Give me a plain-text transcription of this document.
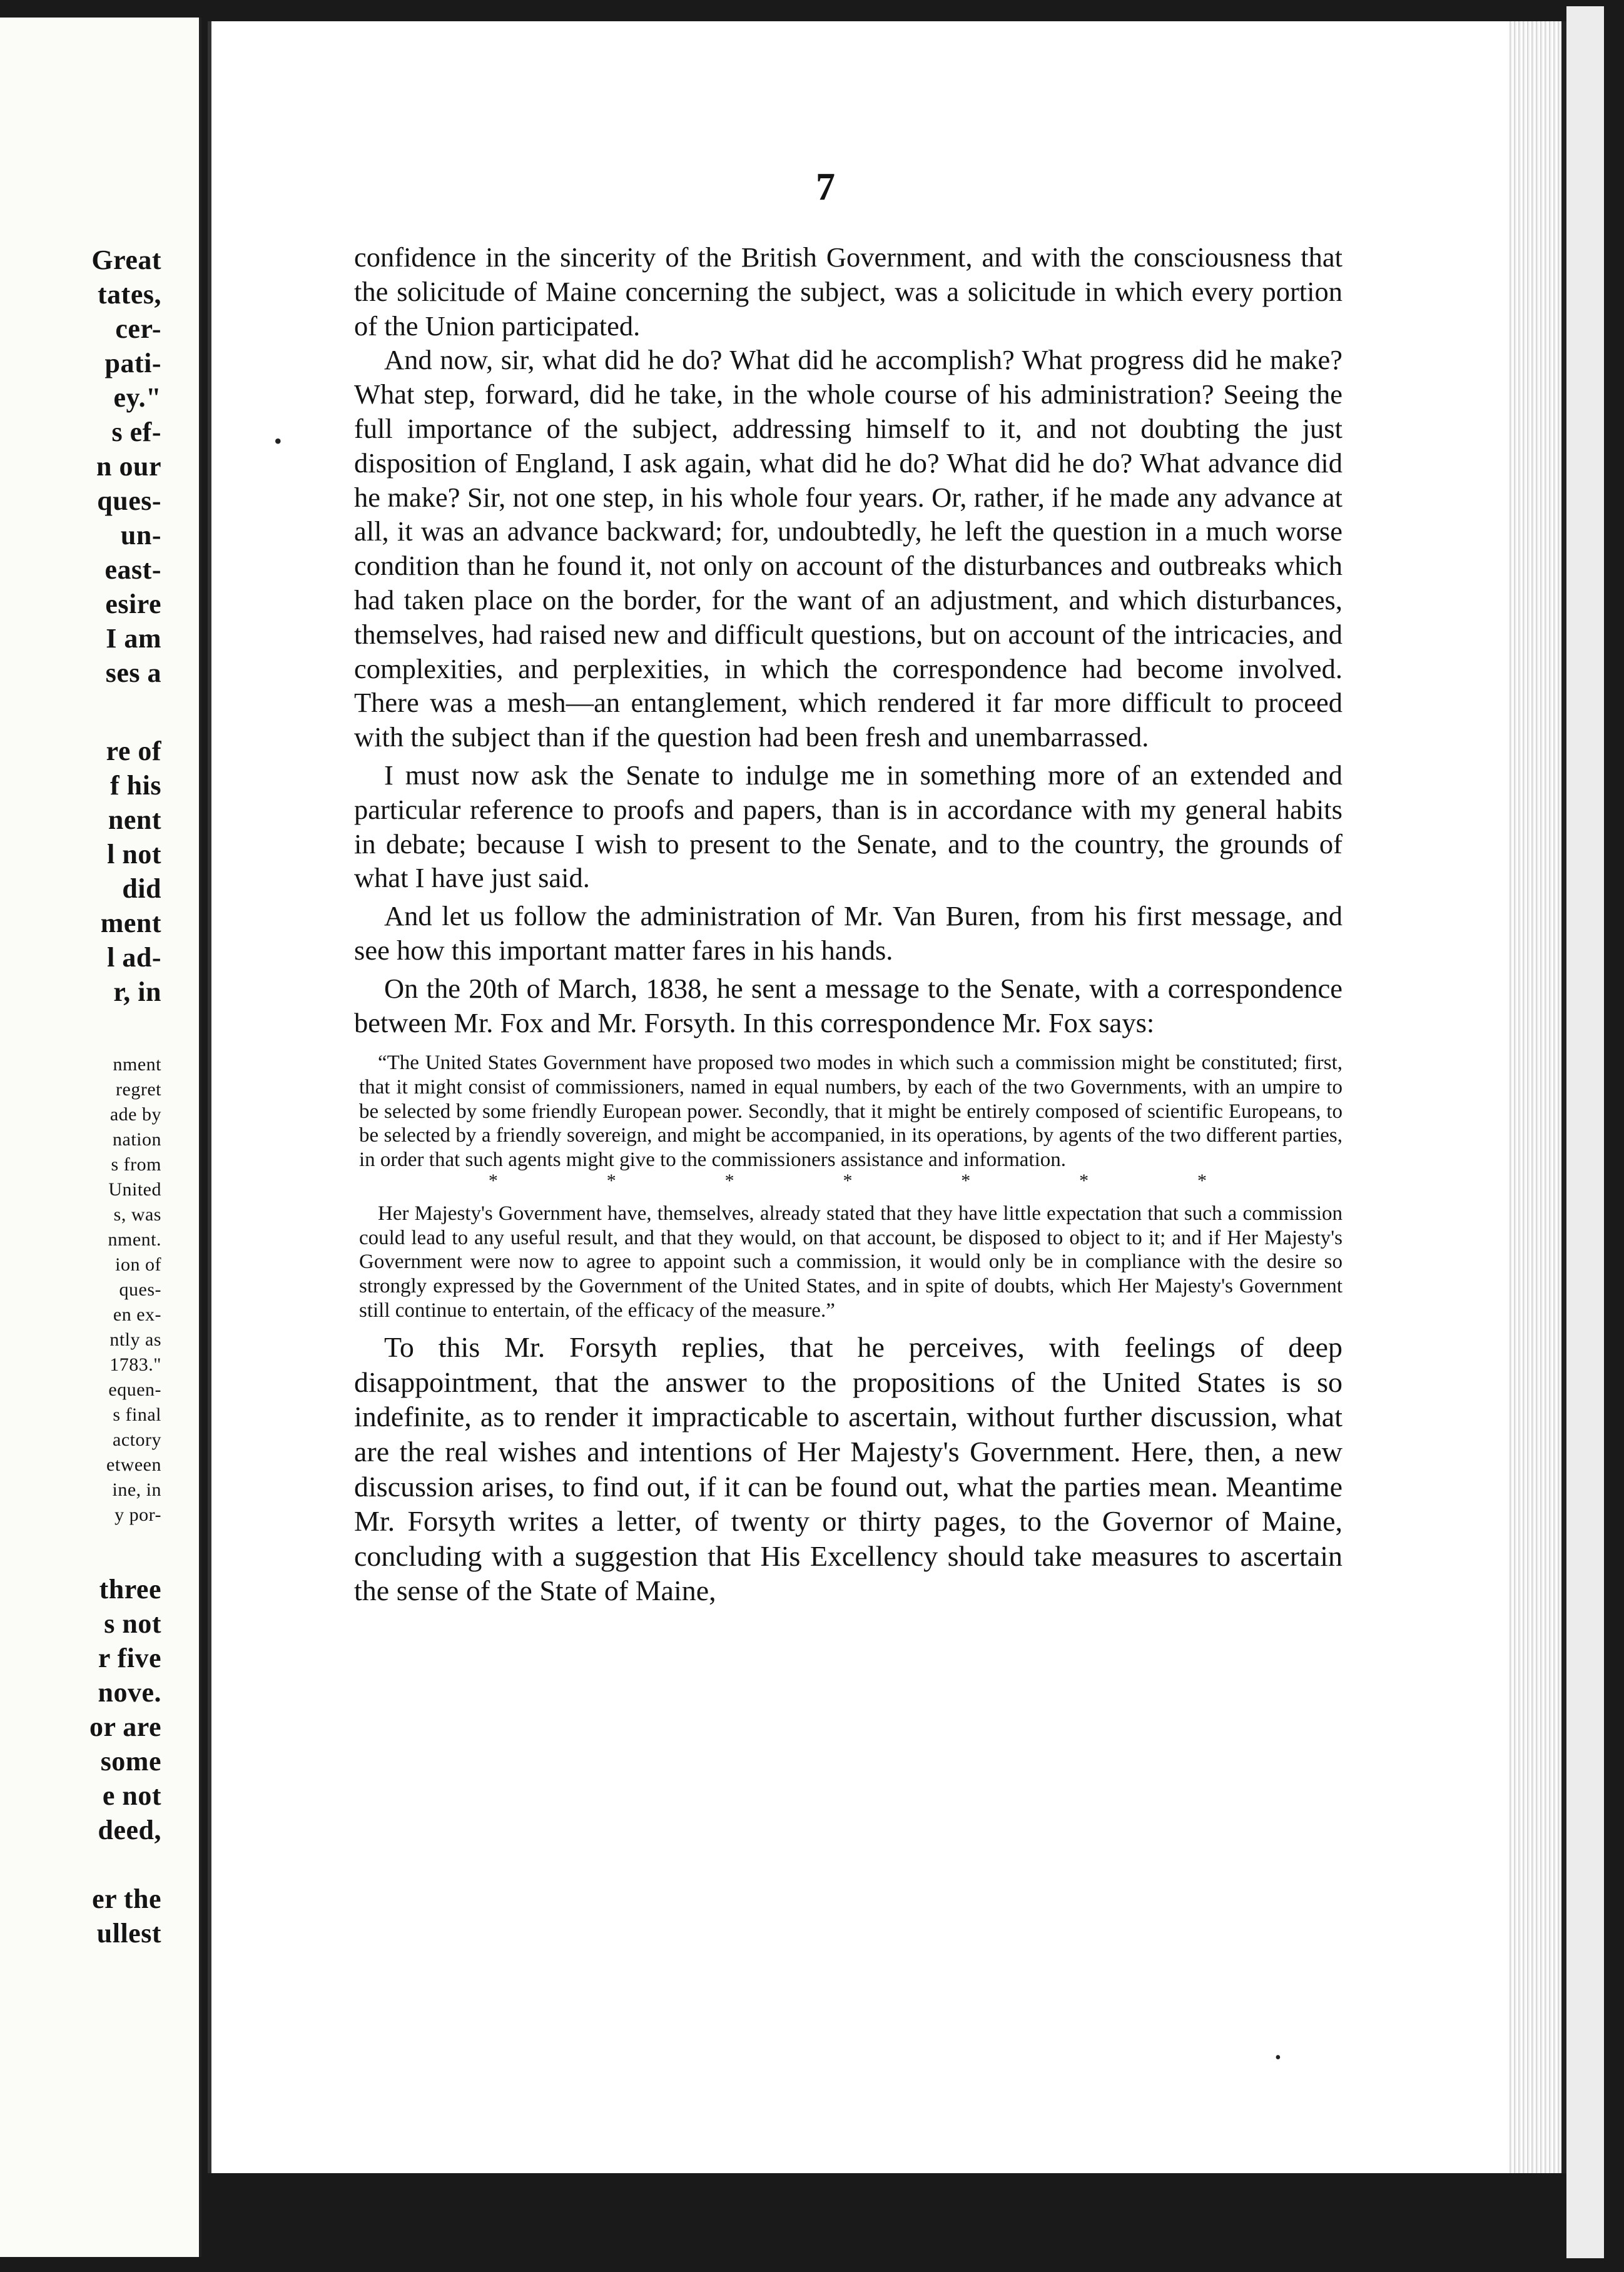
Great
tates,
cer-
pati-
ey."
s ef-
n our
ques-
un-
east-
esire
I am
ses a
re of
f his
nent
l not
did
ment
l ad-
r, in
nment
regret
ade by
nation
s from
United
s, was
nment.
ion of
ques-
en ex-
ntly as
1783."
equen-
s final
actory
etween
ine, in
y por-
three
s not
r five
nove.
or are
some
e not
deed,
er the
ullest
7

confidence in the sincerity of the British Government, and with the consciousness that the solicitude of Maine concerning the subject, was a solicitude in which every portion of the Union participated.

And now, sir, what did he do? What did he accomplish? What progress did he make? What step, forward, did he take, in the whole course of his administration? Seeing the full importance of the subject, addressing himself to it, and not doubting the just disposition of England, I ask again, what did he do? What did he do? What advance did he make? Sir, not one step, in his whole four years. Or, rather, if he made any advance at all, it was an advance backward; for, undoubtedly, he left the question in a much worse condition than he found it, not only on account of the disturbances and outbreaks which had taken place on the border, for the want of an adjustment, and which disturbances, themselves, had raised new and difficult questions, but on account of the intricacies, and complexities, and perplexities, in which the correspondence had become involved. There was a mesh—an entanglement, which rendered it far more difficult to proceed with the subject than if the question had been fresh and unembarrassed.

I must now ask the Senate to indulge me in something more of an extended and particular reference to proofs and papers, than is in accordance with my general habits in debate; because I wish to present to the Senate, and to the country, the grounds of what I have just said.

And let us follow the administration of Mr. Van Buren, from his first message, and see how this important matter fares in his hands.

On the 20th of March, 1838, he sent a message to the Senate, with a correspondence between Mr. Fox and Mr. Forsyth. In this correspondence Mr. Fox says:

“The United States Government have proposed two modes in which such a commission might be constituted; first, that it might consist of commissioners, named in equal numbers, by each of the two Governments, with an umpire to be selected by some friendly European power. Secondly, that it might be entirely composed of scientific Europeans, to be selected by a friendly sovereign, and might be accompanied, in its operations, by agents of the two different parties, in order that such agents might give to the commissioners assistance and information.

*	*	*	*	*	*	*

Her Majesty's Government have, themselves, already stated that they have little expectation that such a commission could lead to any useful result, and that they would, on that account, be disposed to object to it; and if Her Majesty's Government were now to agree to appoint such a commission, it would only be in compliance with the desire so strongly expressed by the Government of the United States, and in spite of doubts, which Her Majesty's Government still continue to entertain, of the efficacy of the measure.”

To this Mr. Forsyth replies, that he perceives, with feelings of deep disappointment, that the answer to the propositions of the United States is so indefinite, as to render it impracticable to ascertain, without further discussion, what are the real wishes and intentions of Her Majesty's Government. Here, then, a new discussion arises, to find out, if it can be found out, what the parties mean. Meantime Mr. Forsyth writes a letter, of twenty or thirty pages, to the Governor of Maine, concluding with a suggestion that His Excellency should take measures to ascertain the sense of the State of Maine,

•
•
